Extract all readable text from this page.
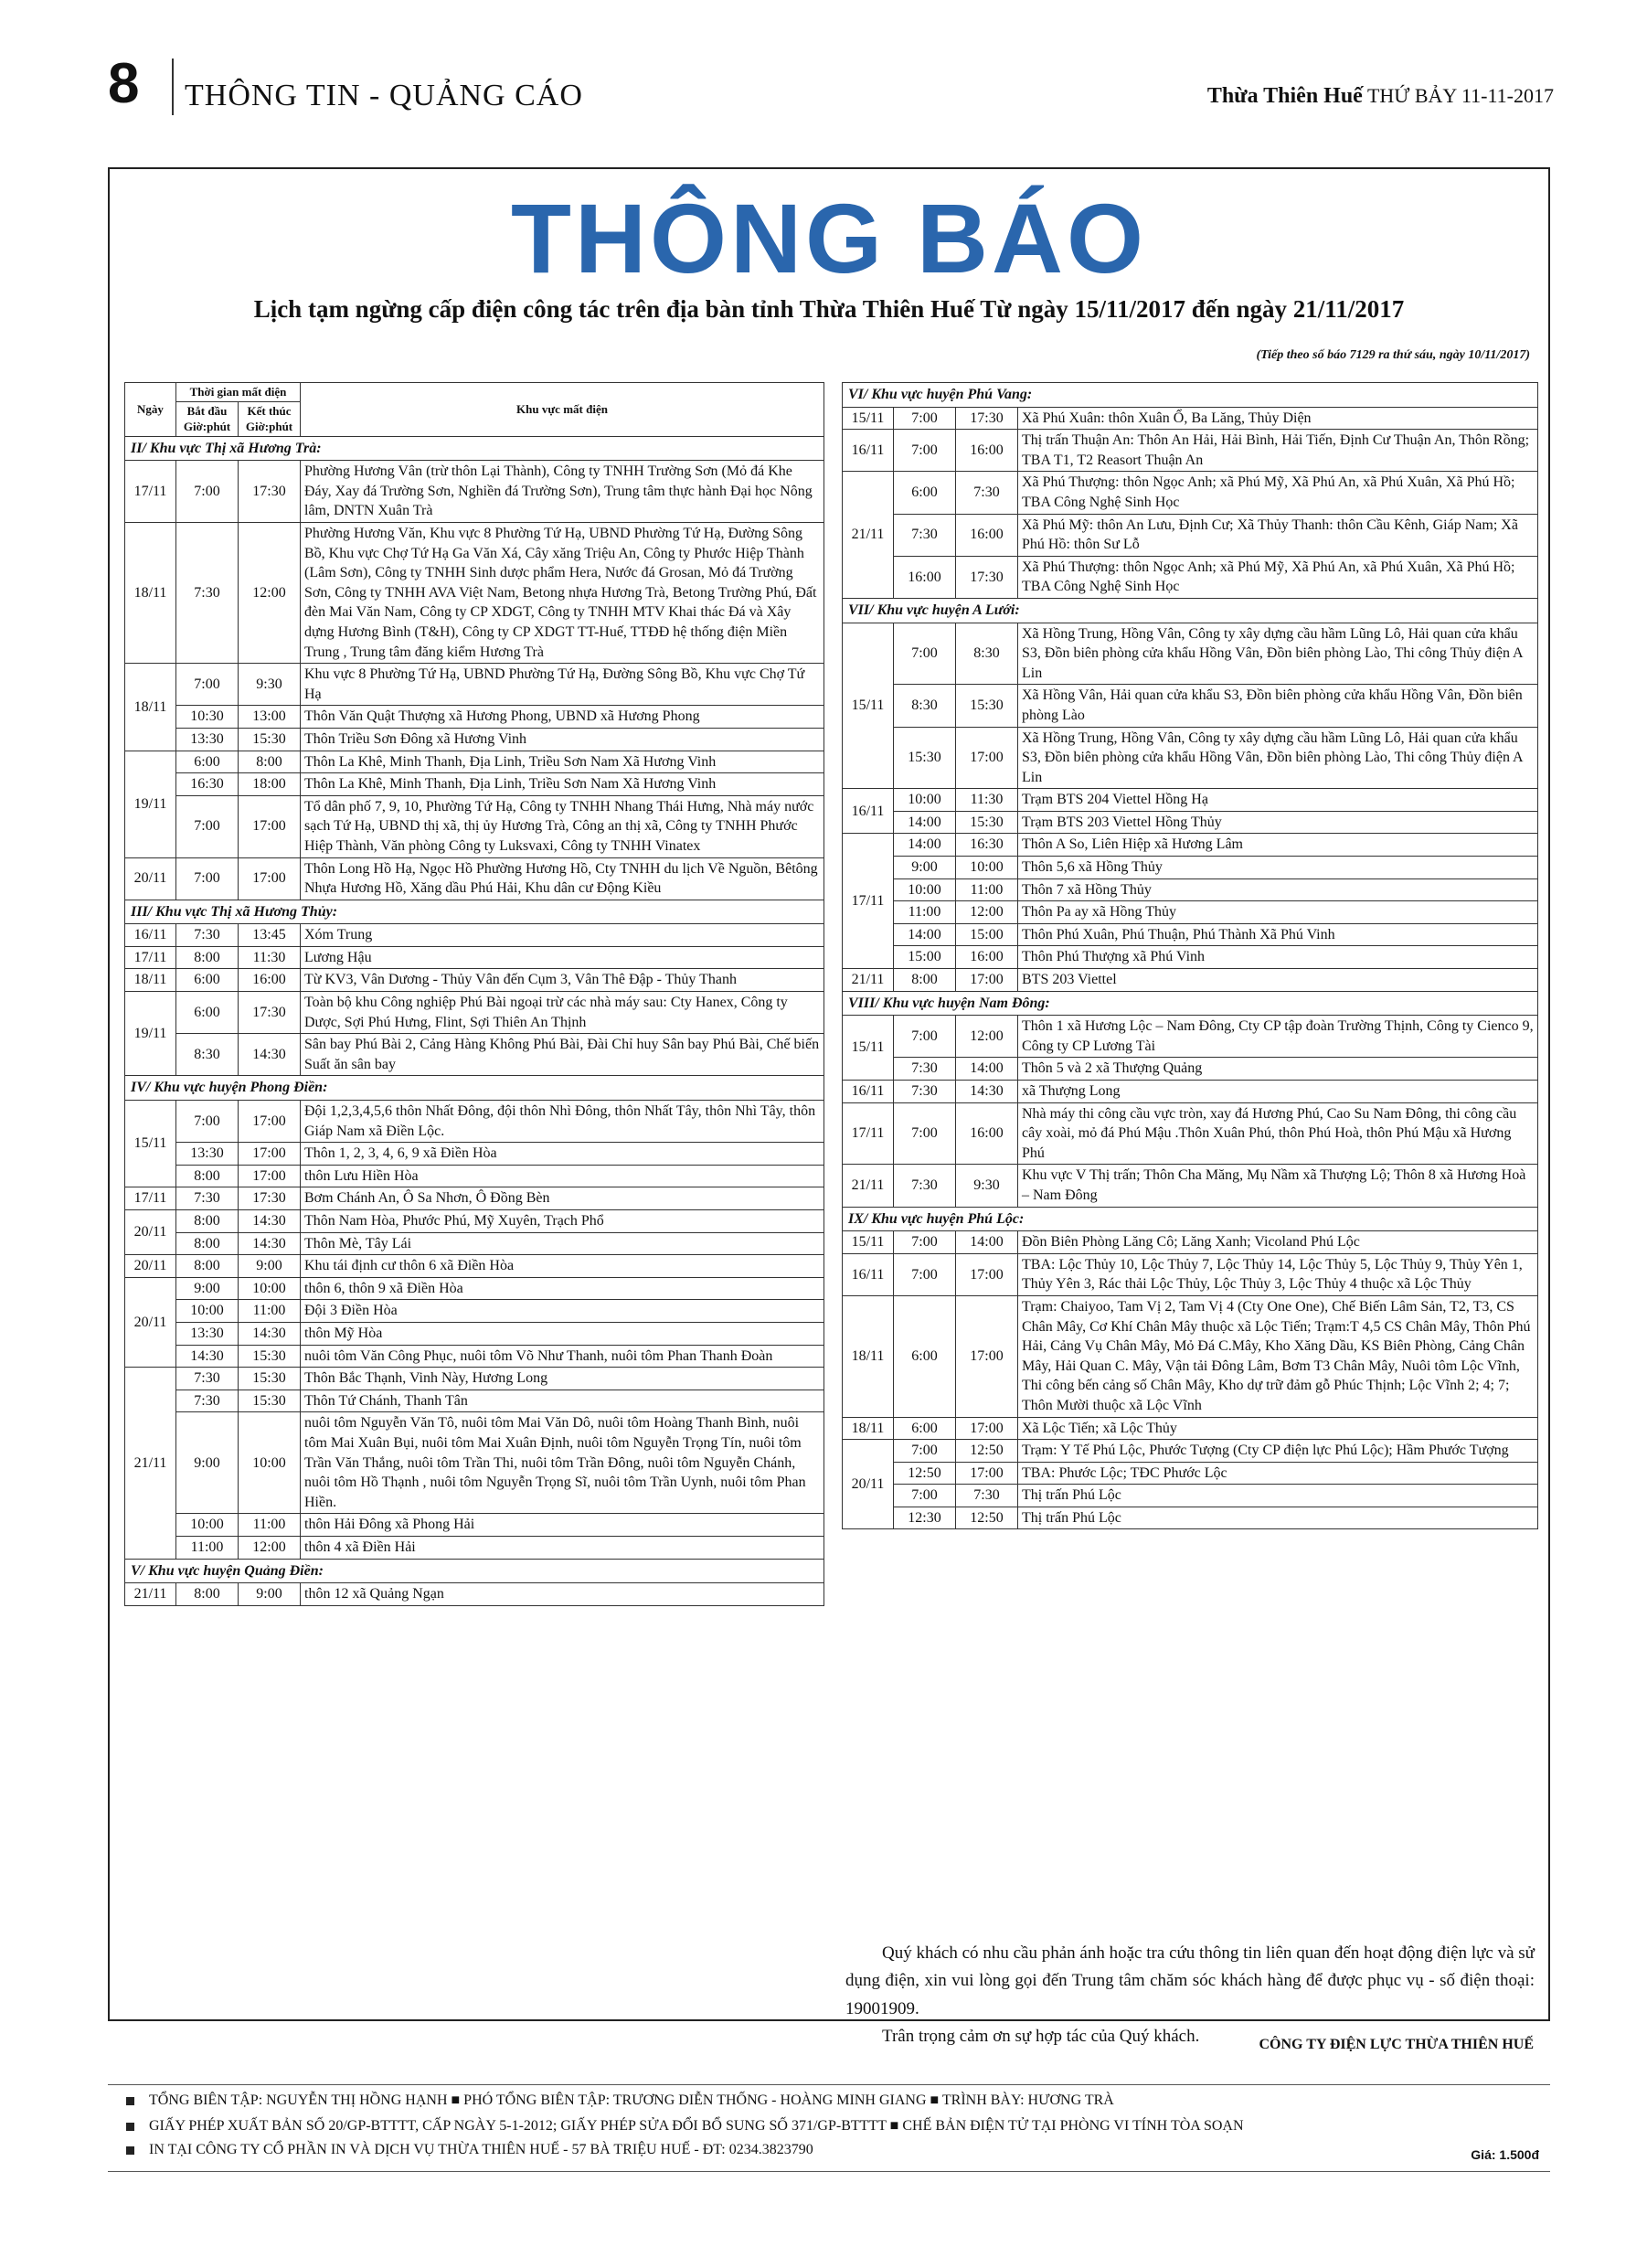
8 THÔNG TIN - QUẢNG CÁO	Thừa Thiên Huế THỨ BẢY 11-11-2017
THÔNG BÁO
Lịch tạm ngừng cấp điện công tác trên địa bàn tỉnh Thừa Thiên Huế Từ ngày 15/11/2017 đến ngày 21/11/2017
(Tiếp theo số báo 7129 ra thứ sáu, ngày 10/11/2017)
Ngày	Thời gian mất điện		Khu vực mất điện
	Bắt đầu Giờ:phút	Kết thúc Giờ:phút	
II/ Khu vực Thị xã Hương Trà:			
17/11	7:00	17:30	Phường Hương Vân (trừ thôn Lại Thành), Công ty TNHH Trường Sơn (Mỏ đá Khe Đáy, Xay đá Trường Sơn, Nghiền đá Trường Sơn), Trung tâm thực hành Đại học Nông lâm, DNTN Xuân Trà
18/11	7:30	12:00	Phường Hương Văn, Khu vực 8 Phường Tứ Hạ, UBND Phường Tứ Hạ, Đường Sông Bồ, Khu vực Chợ Tứ Hạ Ga Văn Xá, Cây xăng Triệu An, Công ty Phước Hiệp Thành (Lâm Sơn), Công ty TNHH Sinh dược phẩm Hera, Nước đá Grosan, Mỏ đá Trường Sơn, Công ty TNHH AVA Việt Nam, Betong nhựa Hương Trà, Betong Trường Phú, Đất đèn Mai Văn Nam, Công ty CP XDGT, Công ty TNHH MTV Khai thác Đá và Xây dựng Hương Bình (T&H), Công ty CP XDGT TT-Huế, TTĐĐ hệ thống điện Miền Trung , Trung tâm đăng kiểm Hương Trà
18/11	7:00	9:30	Khu vực 8 Phường Tứ Hạ, UBND Phường Tứ Hạ, Đường Sông Bồ, Khu vực Chợ Tứ Hạ
	10:30	13:00	Thôn Văn Quật Thượng xã Hương Phong, UBND xã Hương Phong
	13:30	15:30	Thôn Triều Sơn Đông xã Hương Vinh
19/11	6:00	8:00	Thôn La Khê, Minh Thanh, Địa Linh, Triều Sơn Nam Xã Hương Vinh
	16:30	18:00	Thôn La Khê, Minh Thanh, Địa Linh, Triều Sơn Nam Xã Hương Vinh
	7:00	17:00	Tổ dân phố 7, 9, 10, Phường Tứ Hạ, Công ty TNHH Nhang Thái Hưng, Nhà máy nước sạch Tứ Hạ, UBND thị xã, thị ủy Hương Trà, Công an thị xã, Công ty TNHH Phước Hiệp Thành, Văn phòng Công ty Luksvaxi, Công ty TNHH Vinatex
20/11	7:00	17:00	Thôn Long Hồ Hạ, Ngọc Hồ Phường Hương Hồ, Cty TNHH du lịch Về Nguồn, Bêtông Nhựa Hương Hồ, Xăng dầu Phú Hải, Khu dân cư Động Kiều
III/ Khu vực Thị xã Hương Thủy:			
16/11	7:30	13:45	Xóm Trung
17/11	8:00	11:30	Lương Hậu
18/11	6:00	16:00	Từ KV3, Vân Dương - Thủy Vân đến Cụm 3, Vân Thê Đập - Thủy Thanh
19/11	6:00	17:30	Toàn bộ khu Công nghiệp Phú Bài ngoại trừ các nhà máy sau: Cty Hanex, Công ty Dược, Sợi Phú Hưng, Flint, Sợi Thiên An Thịnh
	8:30	14:30	Sân bay Phú Bài 2, Cảng Hàng Không Phú Bài, Đài Chỉ huy Sân bay Phú Bài, Chế biến Suất ăn sân bay
IV/ Khu vực huyện Phong Điền:			
15/11	7:00	17:00	Đội 1,2,3,4,5,6 thôn Nhất Đông, đội thôn Nhì Đông, thôn Nhất Tây, thôn Nhì Tây, thôn Giáp Nam xã Điền Lộc.
	13:30	17:00	Thôn 1, 2, 3, 4, 6, 9 xã Điền Hòa
	8:00	17:00	thôn Lưu Hiền Hòa
17/11	7:30	17:30	Bơm Chánh An, Ô Sa Nhơn, Ô Đồng Bèn
20/11	8:00	14:30	Thôn Nam Hòa, Phước Phú, Mỹ Xuyên, Trạch Phổ
	8:00	14:30	Thôn Mè, Tây Lái
20/11	8:00	9:00	Khu tái định cư thôn 6 xã Điền Hòa
20/11	9:00	10:00	thôn 6, thôn 9 xã Điền Hòa
	10:00	11:00	Đội 3 Điền Hòa
	13:30	14:30	thôn Mỹ Hòa
	14:30	15:30	nuôi tôm Văn Công Phục, nuôi tôm Võ Như Thanh, nuôi tôm Phan Thanh Đoàn
21/11	7:30	15:30	Thôn Bắc Thạnh, Vinh Này, Hương Long
	7:30	15:30	Thôn Tứ Chánh, Thanh Tân
	9:00	10:00	nuôi tôm Nguyễn Văn Tô, nuôi tôm Mai Văn Dô, nuôi tôm Hoàng Thanh Bình, nuôi tôm Mai Xuân Bụi, nuôi tôm Mai Xuân Định, nuôi tôm Nguyễn Trọng Tín, nuôi tôm Trần Văn Thắng, nuôi tôm Trần Thi, nuôi tôm Trần Đông, nuôi tôm Nguyễn Chánh, nuôi tôm Hồ Thạnh , nuôi tôm Nguyễn Trọng Sĩ, nuôi tôm Trần Uynh, nuôi tôm Phan Hiền.
	10:00	11:00	thôn Hải Đông xã Phong Hải
	11:00	12:00	thôn 4 xã Điền Hải
V/ Khu vực huyện Quảng Điền:			
21/11	8:00	9:00	thôn 12 xã Quảng Ngạn
VI/ Khu vực huyện Phú Vang:			
15/11	7:00	17:30	Xã Phú Xuân: thôn Xuân Ổ, Ba Lăng, Thủy Diện
16/11	7:00	16:00	Thị trấn Thuận An: Thôn An Hải, Hải Bình, Hải Tiến, Định Cư Thuận An, Thôn Rồng; TBA T1, T2 Reasort Thuận An
21/11	6:00	7:30	Xã Phú Thượng: thôn Ngọc Anh; xã Phú Mỹ, Xã Phú An, xã Phú Xuân, Xã Phú Hồ; TBA Công Nghệ Sinh Học
	7:30	16:00	Xã Phú Mỹ: thôn An Lưu, Định Cư; Xã Thủy Thanh: thôn Cầu Kênh, Giáp Nam; Xã Phú Hồ: thôn Sư Lỗ
	16:00	17:30	Xã Phú Thượng: thôn Ngọc Anh; xã Phú Mỹ, Xã Phú An, xã Phú Xuân, Xã Phú Hồ; TBA Công Nghệ Sinh Học
VII/ Khu vực huyện A Lưới:			
15/11	7:00	8:30	Xã Hồng Trung, Hồng Vân, Công ty xây dựng cầu hầm Lũng Lô, Hải quan cửa khẩu S3, Đồn biên phòng cửa khẩu Hồng Vân, Đồn biên phòng Lào, Thi công Thủy điện A Lin
	8:30	15:30	Xã Hồng Vân, Hải quan cửa khẩu S3, Đồn biên phòng cửa khẩu Hồng Vân, Đồn biên phòng Lào
	15:30	17:00	Xã Hồng Trung, Hồng Vân, Công ty xây dựng cầu hầm Lũng Lô, Hải quan cửa khẩu S3, Đồn biên phòng cửa khẩu Hồng Vân, Đồn biên phòng Lào, Thi công Thủy điện A Lin
16/11	10:00	11:30	Trạm BTS 204 Viettel Hồng Hạ
	14:00	15:30	Trạm BTS 203 Viettel Hồng Thủy
17/11	14:00	16:30	Thôn A So, Liên Hiệp xã Hương Lâm
	9:00	10:00	Thôn 5,6 xã Hồng Thủy
	10:00	11:00	Thôn 7 xã Hồng Thủy
	11:00	12:00	Thôn Pa ay xã Hồng Thủy
	14:00	15:00	Thôn Phú Xuân, Phú Thuận, Phú Thành Xã Phú Vinh
	15:00	16:00	Thôn Phú Thượng xã Phú Vinh
21/11	8:00	17:00	BTS 203 Viettel
VIII/ Khu vực huyện Nam Đông:			
15/11	7:00	12:00	Thôn 1 xã Hương Lộc – Nam Đông, Cty CP tập đoàn Trường Thịnh, Công ty Cienco 9, Công ty CP Lương Tài
	7:30	14:00	Thôn 5 và 2 xã Thượng Quảng
16/11	7:30	14:30	xã Thượng Long
17/11	7:00	16:00	Nhà máy thi công cầu vực tròn, xay đá Hương Phú, Cao Su Nam Đông, thi công cầu cây xoài, mỏ đá Phú Mậu .Thôn Xuân Phú, thôn Phú Hoà, thôn Phú Mậu xã Hương Phú
21/11	7:30	9:30	Khu vực V Thị trấn; Thôn Cha Măng, Mụ Nầm xã Thượng Lộ; Thôn 8 xã Hương Hoà – Nam Đông
IX/ Khu vực huyện Phú Lộc:			
15/11	7:00	14:00	Đồn Biên Phòng Lăng Cô; Lăng Xanh; Vicoland Phú Lộc
16/11	7:00	17:00	TBA: Lộc Thủy 10, Lộc Thủy 7, Lộc Thủy 14, Lộc Thủy 5, Lộc Thủy 9, Thủy Yên 1, Thủy Yên 3, Rác thải Lộc Thủy, Lộc Thủy 3, Lộc Thủy 4 thuộc xã Lộc Thủy
18/11	6:00	17:00	Trạm: Chaiyoo, Tam Vị 2, Tam Vị 4 (Cty One One), Chế Biến Lâm Sản, T2, T3, CS Chân Mây, Cơ Khí Chân Mây thuộc xã Lộc Tiến; Trạm:T 4,5 CS Chân Mây, Thôn Phú Hải, Cảng Vụ Chân Mây, Mỏ Đá C.Mây, Kho Xăng Dầu, KS Biên Phòng, Cảng Chân Mây, Hải Quan C. Mây, Vận tải Đông Lâm, Bơm T3 Chân Mây, Nuôi tôm Lộc Vĩnh, Thi công bến cảng số Chân Mây, Kho dự trữ đảm gỗ Phúc Thịnh; Lộc Vĩnh 2; 4; 7; Thôn Mười thuộc xã Lộc Vĩnh
18/11	6:00	17:00	Xã Lộc Tiến; xã Lộc Thủy
20/11	7:00	12:50	Trạm: Y Tế Phú Lộc, Phước Tượng (Cty CP điện lực Phú Lộc); Hầm Phước Tượng
	12:50	17:00	TBA: Phước Lộc; TĐC Phước Lộc
	7:00	7:30	Thị trấn Phú Lộc
	12:30	12:50	Thị trấn Phú Lộc

Quý khách có nhu cầu phản ánh hoặc tra cứu thông tin liên quan đến hoạt động điện lực và sử dụng điện, xin vui lòng gọi đến Trung tâm chăm sóc khách hàng để được phục vụ - số điện thoại: 19001909.

Trân trọng cảm ơn sự hợp tác của Quý khách.	CÔNG TY ĐIỆN LỰC THỪA THIÊN HUẾ
TỔNG BIÊN TẬP: NGUYỄN THỊ HỒNG HẠNH ■ PHÓ TỔNG BIÊN TẬP: TRƯƠNG DIỄN THỐNG - HOÀNG MINH GIANG ■ TRÌNH BÀY: HƯƠNG TRÀ
GIẤY PHÉP XUẤT BẢN SỐ 20/GP-BTTTT, CẤP NGÀY 5-1-2012; GIẤY PHÉP SỬA ĐỔI BỔ SUNG SỐ 371/GP-BTTTT ■ CHẾ BẢN ĐIỆN TỬ TẠI PHÒNG VI TÍNH TÒA SOẠN
IN TẠI CÔNG TY CỔ PHẦN IN VÀ DỊCH VỤ THỪA THIÊN HUẾ - 57 BÀ TRIỆU HUẾ - ĐT: 0234.3823790	Giá: 1.500đ
